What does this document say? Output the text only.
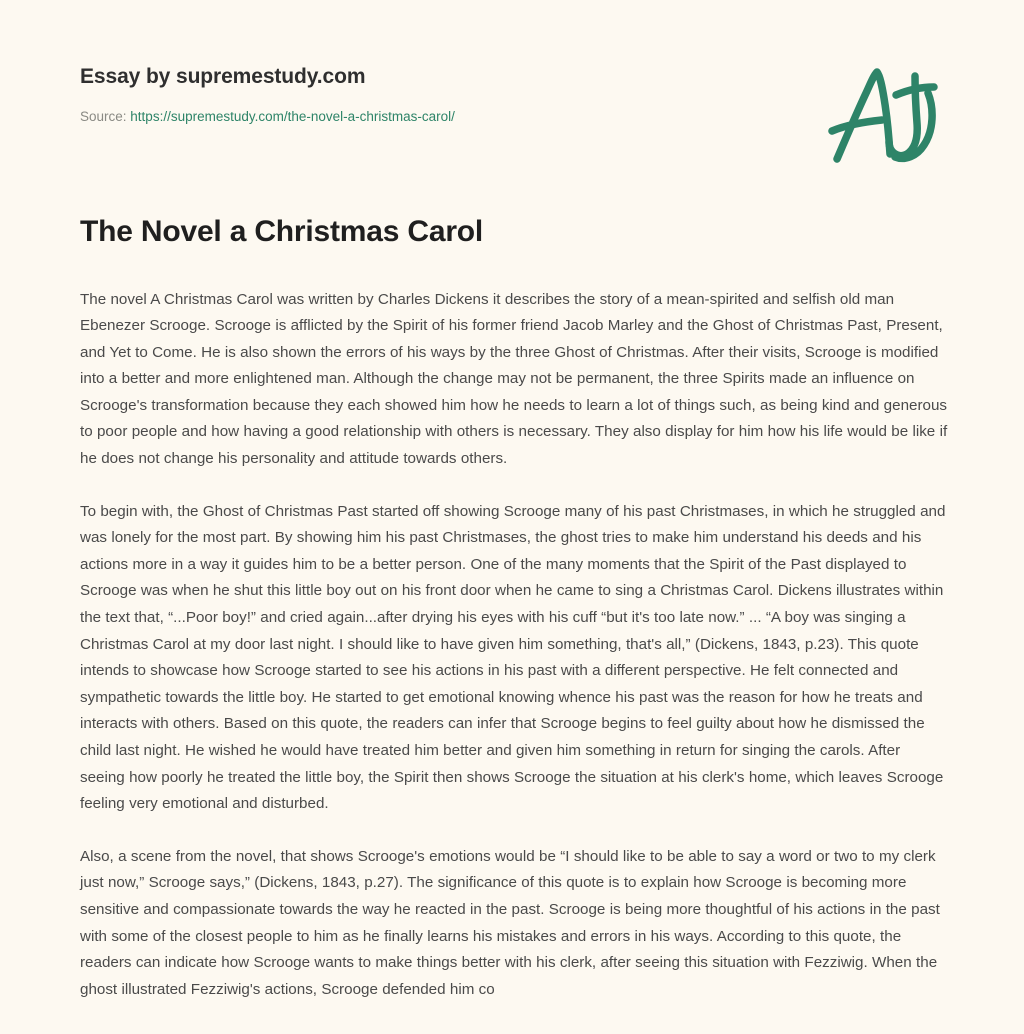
Essay by supremestudy.com
Source: https://supremestudy.com/the-novel-a-christmas-carol/
The Novel a Christmas Carol

The novel A Christmas Carol was written by Charles Dickens it describes the story of a mean-spirited and selfish old man Ebenezer Scrooge. Scrooge is afflicted by the Spirit of his former friend Jacob Marley and the Ghost of Christmas Past, Present, and Yet to Come. He is also shown the errors of his ways by the three Ghost of Christmas. After their visits, Scrooge is modified into a better and more enlightened man. Although the change may not be permanent, the three Spirits made an influence on Scrooge's transformation because they each showed him how he needs to learn a lot of things such, as being kind and generous to poor people and how having a good relationship with others is necessary. They also display for him how his life would be like if he does not change his personality and attitude towards others.

To begin with, the Ghost of Christmas Past started off showing Scrooge many of his past Christmases, in which he struggled and was lonely for the most part. By showing him his past Christmases, the ghost tries to make him understand his deeds and his actions more in a way it guides him to be a better person. One of the many moments that the Spirit of the Past displayed to Scrooge was when he shut this little boy out on his front door when he came to sing a Christmas Carol. Dickens illustrates within the text that, “...Poor boy!” and cried again...after drying his eyes with his cuff “but it's too late now.” ... “A boy was singing a Christmas Carol at my door last night. I should like to have given him something, that's all,” (Dickens, 1843, p.23). This quote intends to showcase how Scrooge started to see his actions in his past with a different perspective. He felt connected and sympathetic towards the little boy. He started to get emotional knowing whence his past was the reason for how he treats and interacts with others. Based on this quote, the readers can infer that Scrooge begins to feel guilty about how he dismissed the child last night. He wished he would have treated him better and given him something in return for singing the carols. After seeing how poorly he treated the little boy, the Spirit then shows Scrooge the situation at his clerk's home, which leaves Scrooge feeling very emotional and disturbed.

Also, a scene from the novel, that shows Scrooge's emotions would be “I should like to be able to say a word or two to my clerk just now,” Scrooge says,” (Dickens, 1843, p.27). The significance of this quote is to explain how Scrooge is becoming more sensitive and compassionate towards the way he reacted in the past. Scrooge is being more thoughtful of his actions in the past with some of the closest people to him as he finally learns his mistakes and errors in his ways. According to this quote, the readers can indicate how Scrooge wants to make things better with his clerk, after seeing this situation with Fezziwig. When the ghost illustrated Fezziwig's actions, Scrooge defended him co
